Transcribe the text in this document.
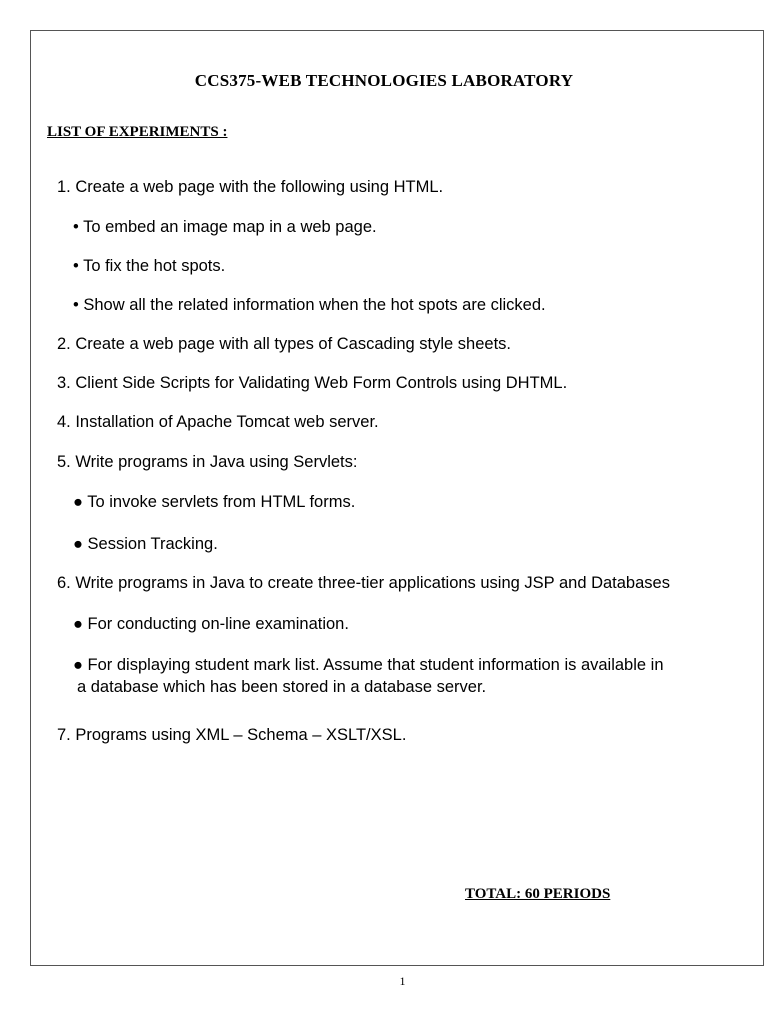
CCS375-WEB TECHNOLOGIES LABORATORY
LIST OF EXPERIMENTS :
1. Create a web page with the following using HTML.
• To embed an image map in a web page.
• To fix the hot spots.
• Show all the related information when the hot spots are clicked.
2. Create a web page with all types of Cascading style sheets.
3. Client Side Scripts for Validating Web Form Controls using DHTML.
4. Installation of Apache Tomcat web server.
5. Write programs in Java using Servlets:
● To invoke servlets from HTML forms.
● Session Tracking.
6. Write programs in Java to create three-tier applications using JSP and Databases
● For conducting on-line examination.
● For displaying student mark list. Assume that student information is available in
a database which has been stored in a database server.
7. Programs using XML – Schema – XSLT/XSL.
TOTAL: 60 PERIODS
1
